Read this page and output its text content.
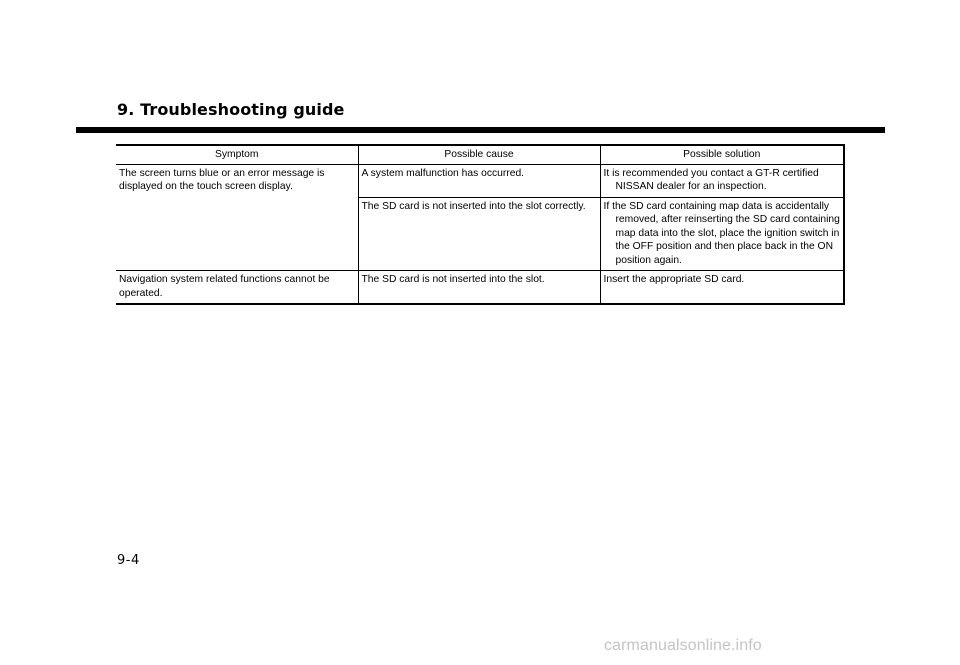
9. Troubleshooting guide
Symptom	Possible cause	Possible solution
The screen turns blue or an error message is displayed on the touch screen display.	A system malfunction has occurred.	It is recommended you contact a GT-R certified NISSAN dealer for an inspection.

	The SD card is not inserted into the slot correctly.	If the SD card containing map data is accidentally removed, after reinserting the SD card containing map data into the slot, place the ignition switch in the OFF position and then place back in the ON position again.

Navigation system related functions cannot be operated.	The SD card is not inserted into the slot.	Insert the appropriate SD card.
9-4
carmanualsonline.info
